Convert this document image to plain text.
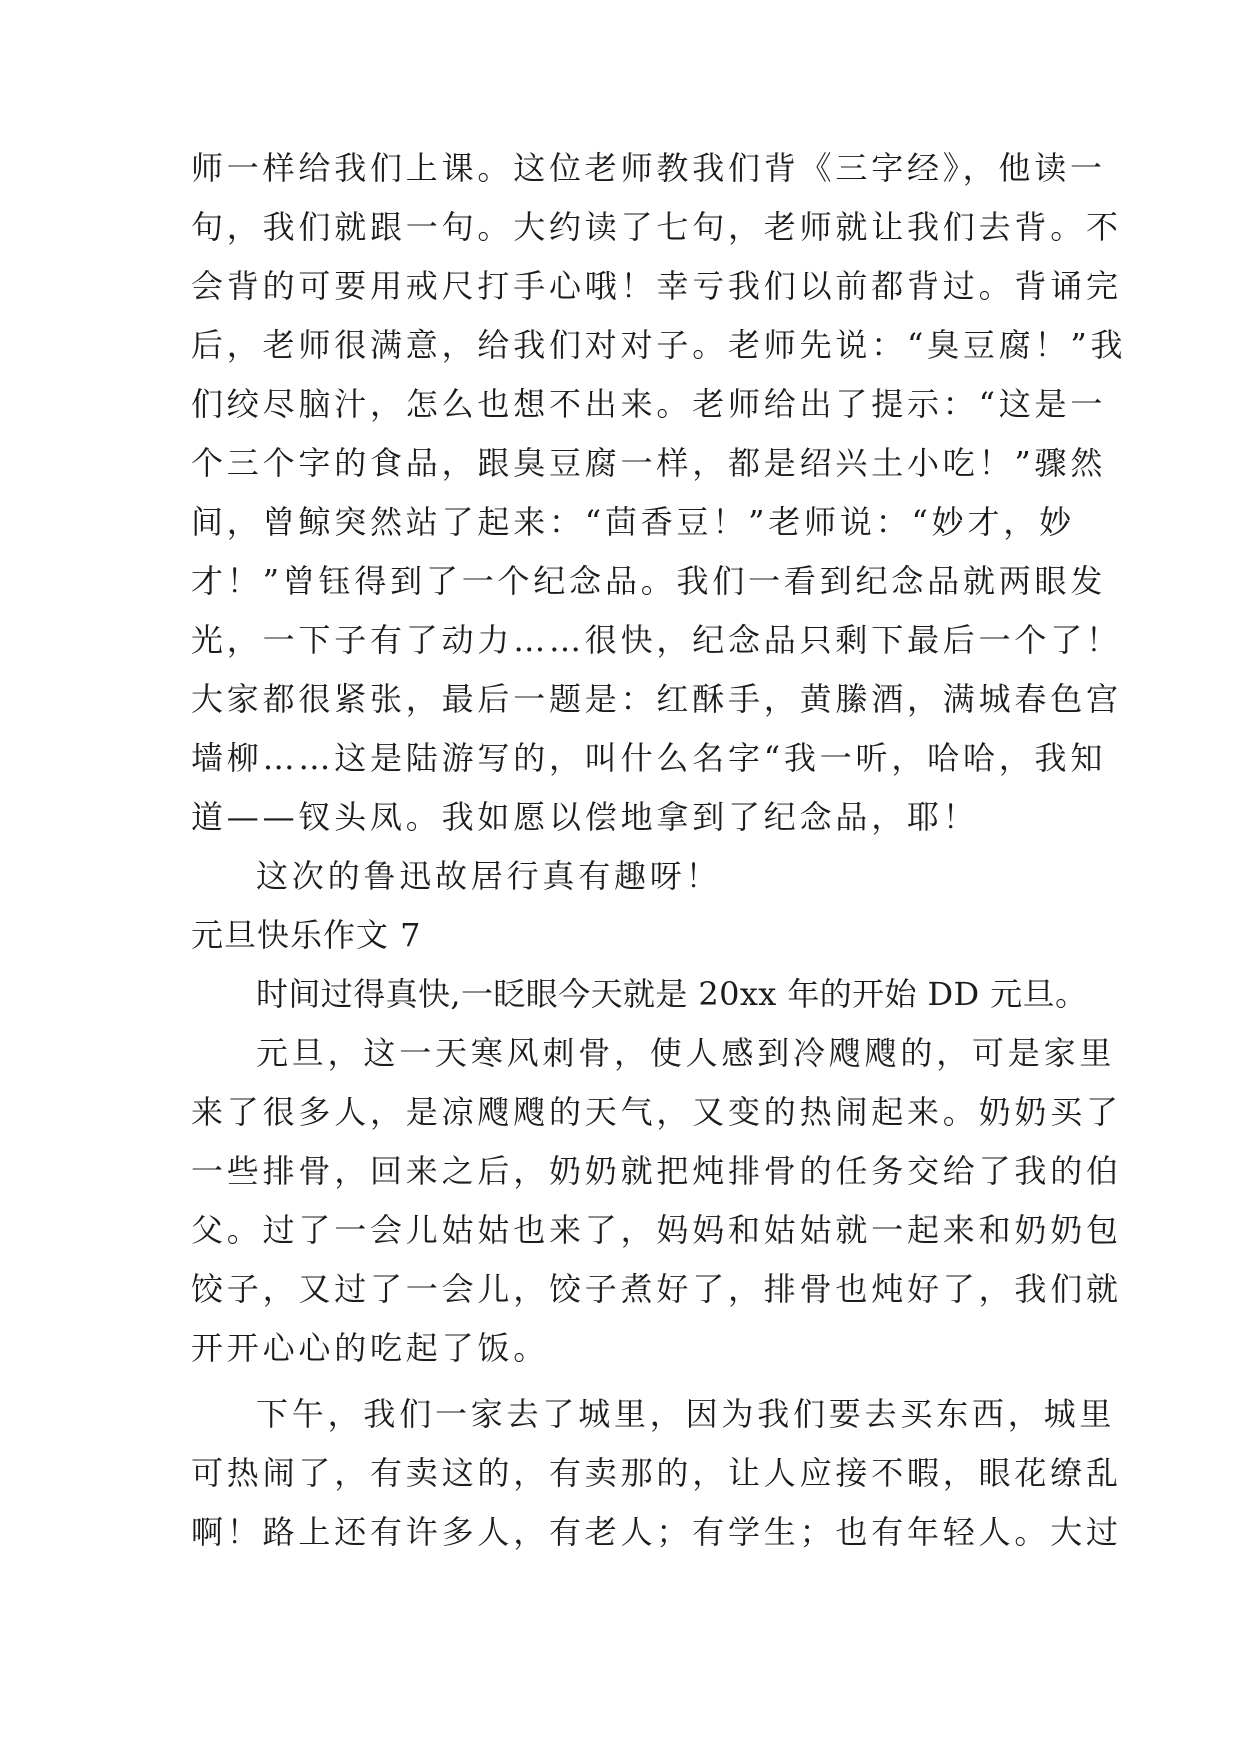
师一样给我们上课。这位老师教我们背《三字经》，他读一
句，我们就跟一句。大约读了七句，老师就让我们去背。不
会背的可要用戒尺打手心哦！幸亏我们以前都背过。背诵完
后，老师很满意，给我们对对子。老师先说：“臭豆腐！”我
们绞尽脑汁，怎么也想不出来。老师给出了提示：“这是一
个三个字的食品，跟臭豆腐一样，都是绍兴土小吃！”骤然
间，曾鲸突然站了起来：“茴香豆！”老师说：“妙才，妙
才！”曾钰得到了一个纪念品。我们一看到纪念品就两眼发
光，一下子有了动力……很快，纪念品只剩下最后一个了！
大家都很紧张，最后一题是：红酥手，黄縢酒，满城春色宫
墙柳……这是陆游写的，叫什么名字“我一听，哈哈，我知
道——钗头凤。我如愿以偿地拿到了纪念品，耶！
这次的鲁迅故居行真有趣呀！
元旦快乐作文 7
时间过得真快,一眨眼今天就是 20xx 年的开始 DD 元旦。
元旦，这一天寒风刺骨，使人感到冷飕飕的，可是家里
来了很多人，是凉飕飕的天气，又变的热闹起来。奶奶买了
一些排骨，回来之后，奶奶就把炖排骨的任务交给了我的伯
父。过了一会儿姑姑也来了，妈妈和姑姑就一起来和奶奶包
饺子，又过了一会儿，饺子煮好了，排骨也炖好了，我们就
开开心心的吃起了饭。
下午，我们一家去了城里，因为我们要去买东西，城里
可热闹了，有卖这的，有卖那的，让人应接不暇，眼花缭乱
啊！路上还有许多人，有老人；有学生；也有年轻人。大过
